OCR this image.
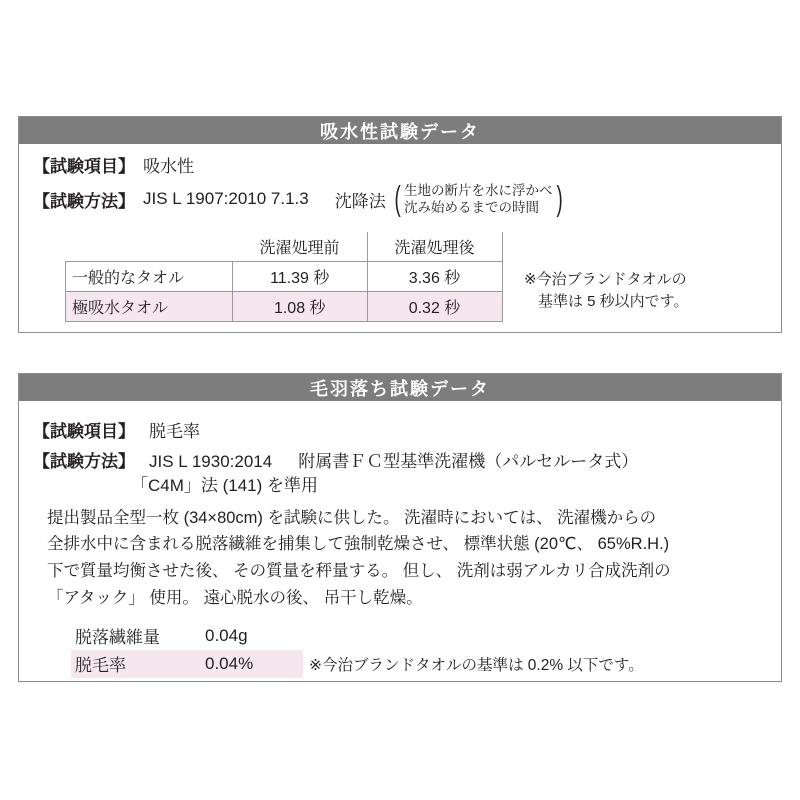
吸水性試験データ
【試験項目】 吸水性
【試験方法】 JIS L 1907:2010 7.1.3 沈降法 ( 生地の断片を水に浮かべ
沈み始めるまでの時間 )
	洗濯処理前	洗濯処理後
一般的なタオル	11.39 秒	3.36 秒
極吸水タオル	1.08 秒	0.32 秒
※今治ブランドタオルの
基準は 5 秒以内です。
毛羽落ち試験データ
【試験項目】 脱毛率
【試験方法】 JIS L 1930:2014 附属書ＦＣ型基準洗濯機（パルセルータ式）
「C4M」法 (141) を準用
提出製品全型一枚 (34×80cm) を試験に供した。 洗濯時においては、 洗濯機からの
全排水中に含まれる脱落繊維を捕集して強制乾燥させ、 標準状態 (20℃、 65%R.H.)
下で質量均衡させた後、 その質量を秤量する。 但し、 洗剤は弱アルカリ合成洗剤の
「アタック」 使用。 遠心脱水の後、 吊干し乾燥。
脱落繊維量	0.04g
脱毛率	0.04%	※今治ブランドタオルの基準は 0.2% 以下です。
